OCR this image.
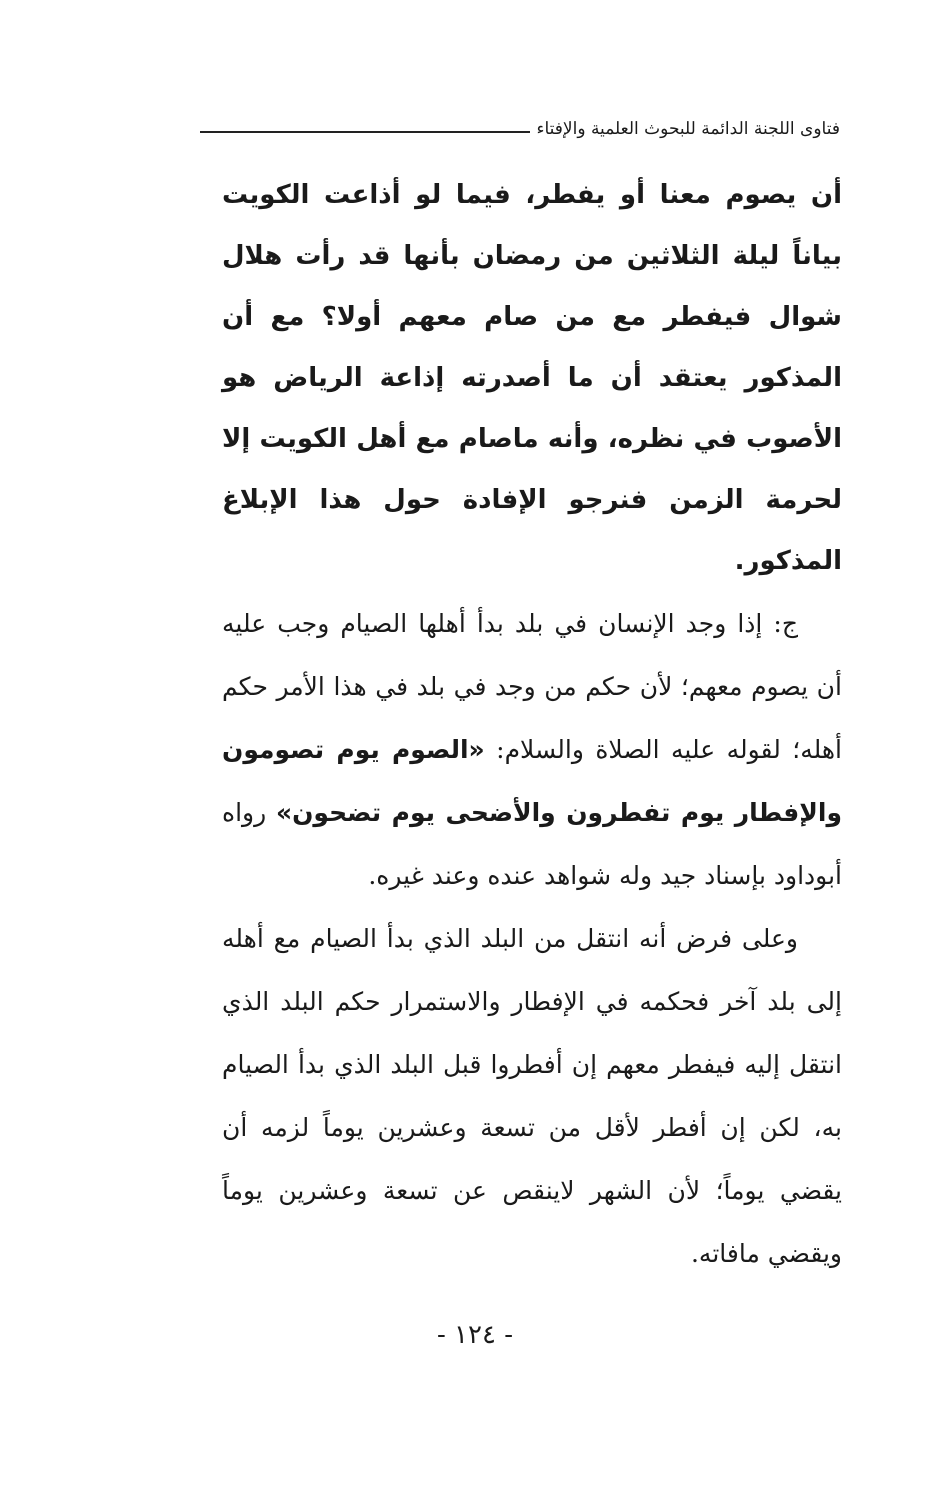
فتاوى اللجنة الدائمة للبحوث العلمية والإفتاء

أن يصوم معنا أو يفطر، فيما لو أذاعت الكويت بياناً ليلة الثلاثين من رمضان بأنها قد رأت هلال شوال فيفطر مع من صام معهم أولا؟ مع أن المذكور يعتقد أن ما أصدرته إذاعة الرياض هو الأصوب في نظره، وأنه ماصام مع أهل الكويت إلا لحرمة الزمن فنرجو الإفادة حول هذا الإبلاغ المذكور.

ج: إذا وجد الإنسان في بلد بدأ أهلها الصيام وجب عليه أن يصوم معهم؛ لأن حكم من وجد في بلد في هذا الأمر حكم أهله؛ لقوله عليه الصلاة والسلام: «الصوم يوم تصومون والإفطار يوم تفطرون والأضحى يوم تضحون» رواه أبوداود بإسناد جيد وله شواهد عنده وعند غيره.

وعلى فرض أنه انتقل من البلد الذي بدأ الصيام مع أهله إلى بلد آخر فحكمه في الإفطار والاستمرار حكم البلد الذي انتقل إليه فيفطر معهم إن أفطروا قبل البلد الذي بدأ الصيام به، لكن إن أفطر لأقل من تسعة وعشرين يوماً لزمه أن يقضي يوماً؛ لأن الشهر لاينقص عن تسعة وعشرين يوماً ويقضي مافاته.

- ١٢٤ -
